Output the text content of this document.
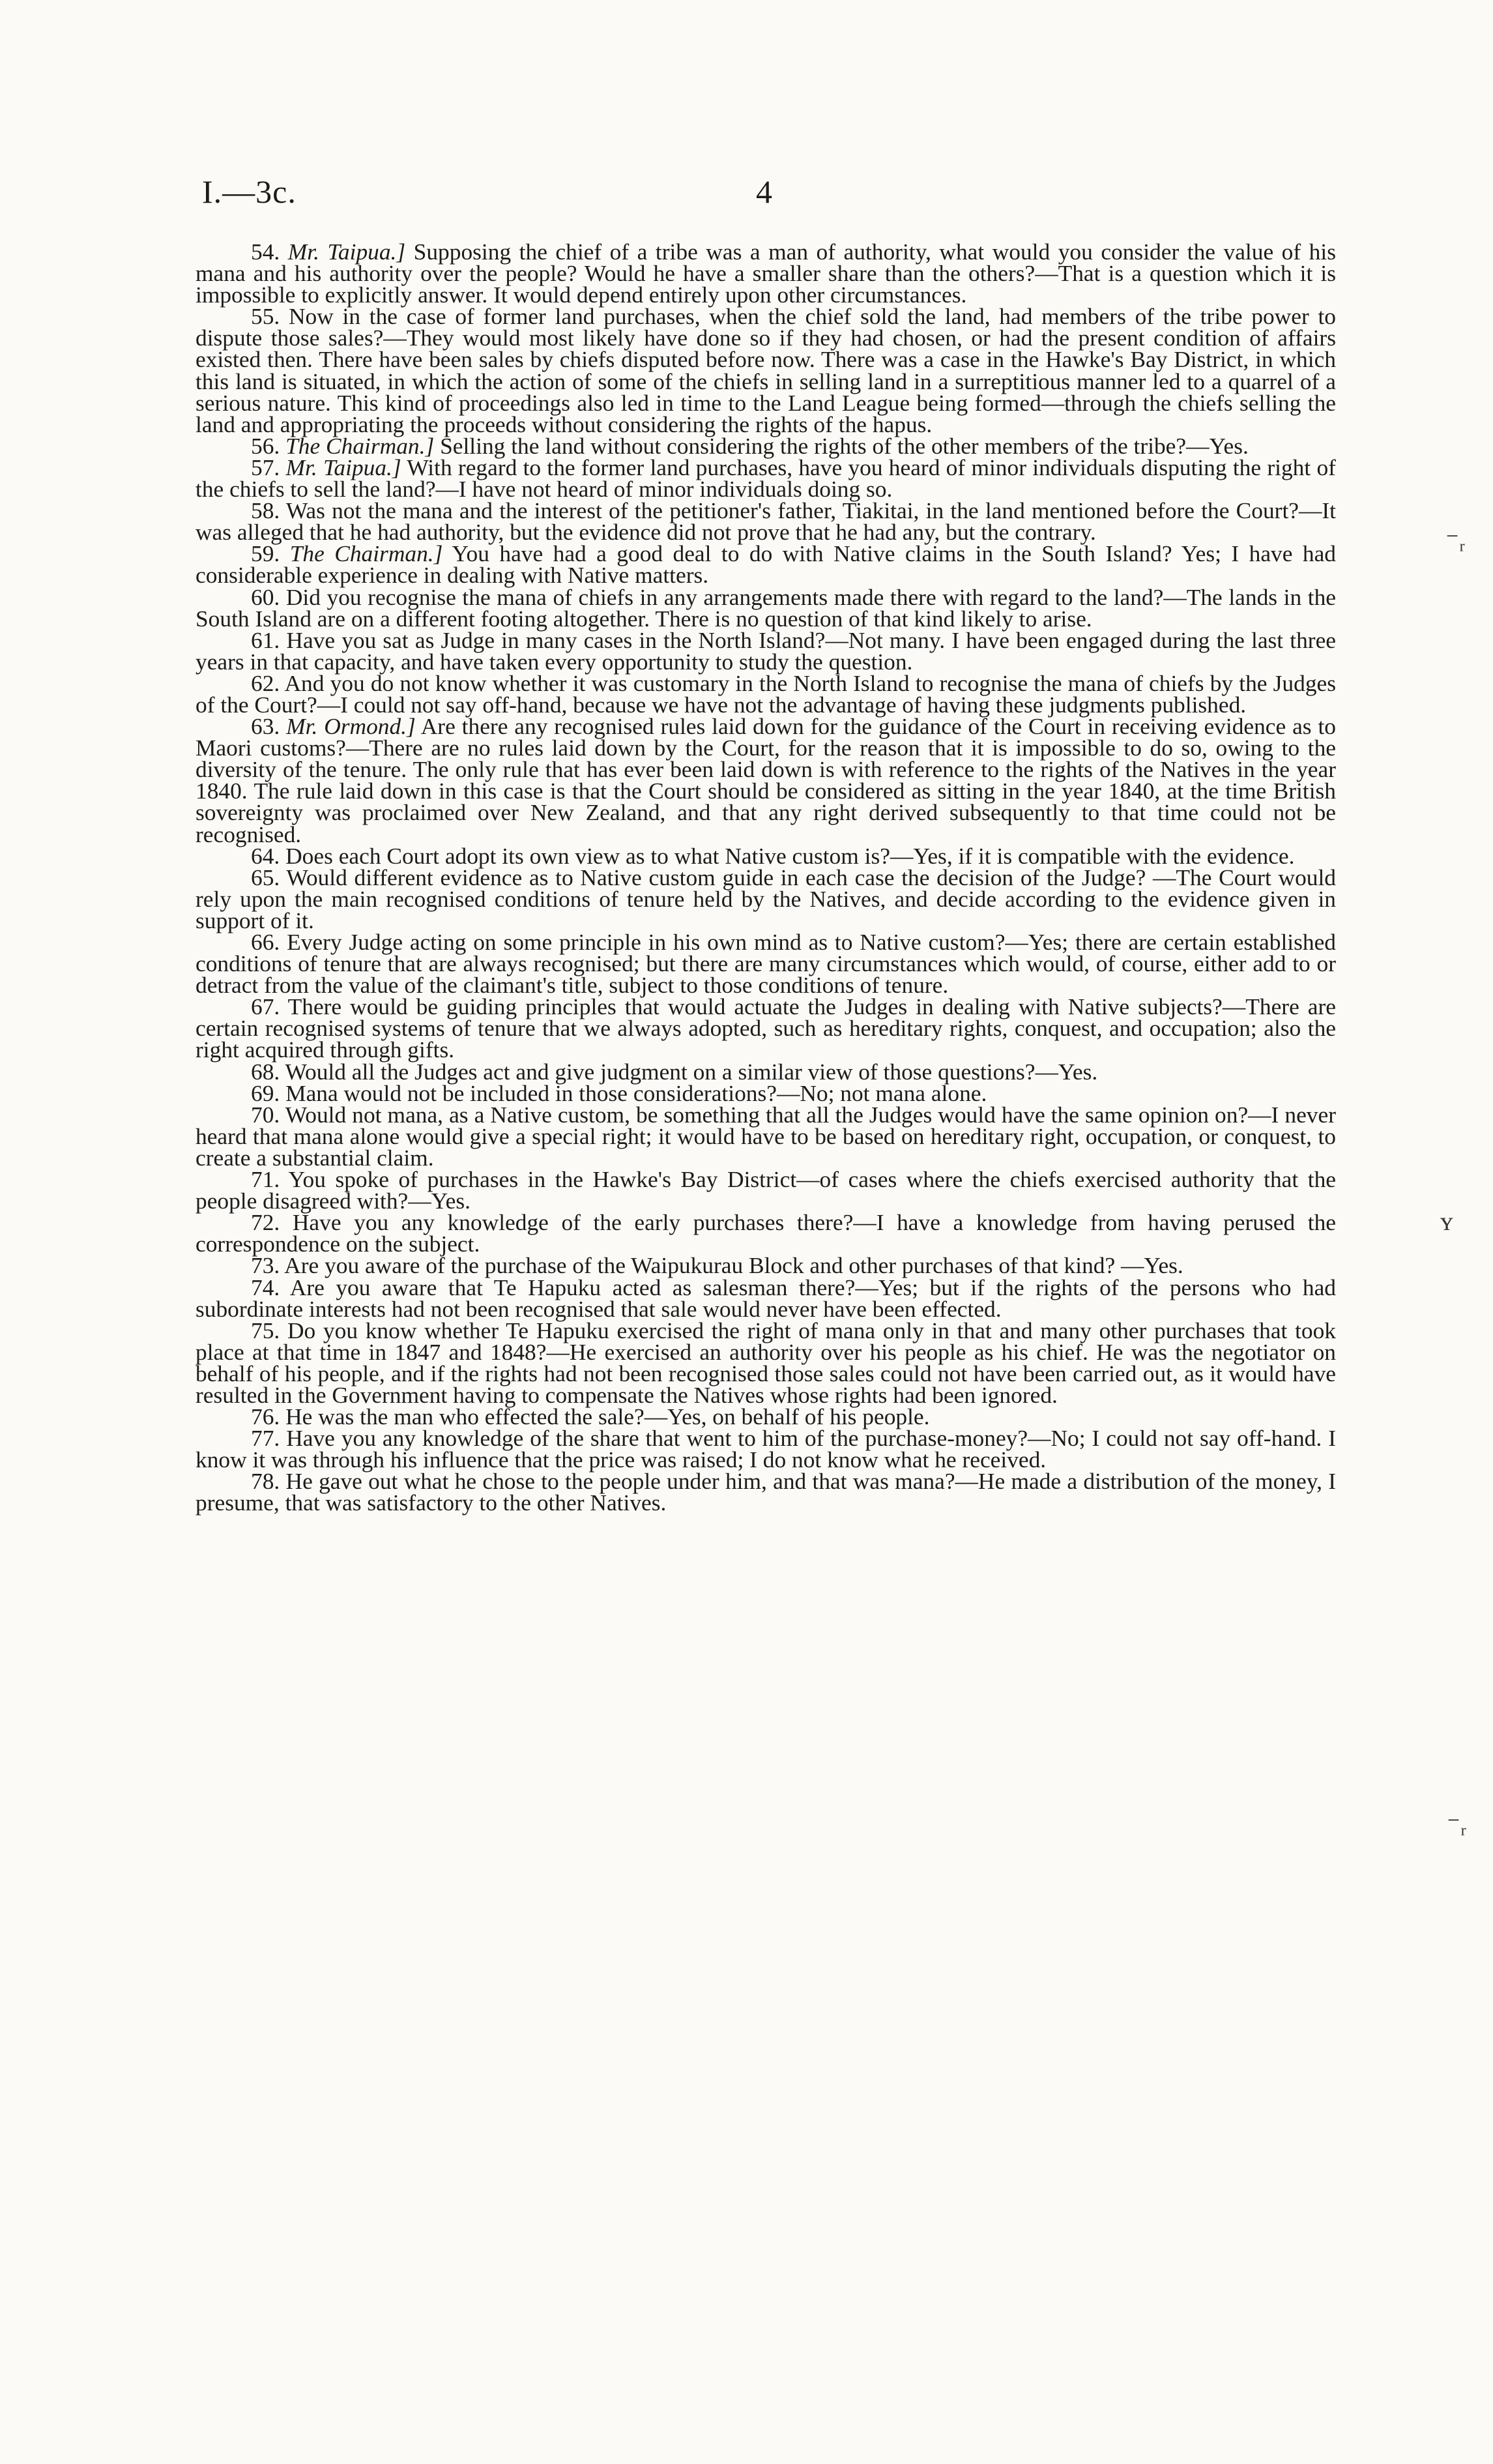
I.—3c.	4

54. Mr. Taipua.] Supposing the chief of a tribe was a man of authority, what would you consider the value of his mana and his authority over the people? Would he have a smaller share than the others?—That is a question which it is impossible to explicitly answer. It would depend entirely upon other circumstances.

55. Now in the case of former land purchases, when the chief sold the land, had members of the tribe power to dispute those sales?—They would most likely have done so if they had chosen, or had the present condition of affairs existed then. There have been sales by chiefs disputed before now. There was a case in the Hawke's Bay District, in which this land is situated, in which the action of some of the chiefs in selling land in a surreptitious manner led to a quarrel of a serious nature. This kind of proceedings also led in time to the Land League being formed—through the chiefs selling the land and appropriating the proceeds without considering the rights of the hapus.

56. The Chairman.] Selling the land without considering the rights of the other members of the tribe?—Yes.

57. Mr. Taipua.] With regard to the former land purchases, have you heard of minor individuals disputing the right of the chiefs to sell the land?—I have not heard of minor individuals doing so.

58. Was not the mana and the interest of the petitioner's father, Tiakitai, in the land mentioned before the Court?—It was alleged that he had authority, but the evidence did not prove that he had any, but the contrary.

59. The Chairman.] You have had a good deal to do with Native claims in the South Island? Yes; I have had considerable experience in dealing with Native matters.

60. Did you recognise the mana of chiefs in any arrangements made there with regard to the land?—The lands in the South Island are on a different footing altogether. There is no question of that kind likely to arise.

61. Have you sat as Judge in many cases in the North Island?—Not many. I have been engaged during the last three years in that capacity, and have taken every opportunity to study the question.

62. And you do not know whether it was customary in the North Island to recognise the mana of chiefs by the Judges of the Court?—I could not say off-hand, because we have not the advantage of having these judgments published.

63. Mr. Ormond.] Are there any recognised rules laid down for the guidance of the Court in receiving evidence as to Maori customs?—There are no rules laid down by the Court, for the reason that it is impossible to do so, owing to the diversity of the tenure. The only rule that has ever been laid down is with reference to the rights of the Natives in the year 1840. The rule laid down in this case is that the Court should be considered as sitting in the year 1840, at the time British sovereignty was proclaimed over New Zealand, and that any right derived subsequently to that time could not be recognised.

64. Does each Court adopt its own view as to what Native custom is?—Yes, if it is compatible with the evidence.

65. Would different evidence as to Native custom guide in each case the decision of the Judge? —The Court would rely upon the main recognised conditions of tenure held by the Natives, and decide according to the evidence given in support of it.

66. Every Judge acting on some principle in his own mind as to Native custom?—Yes; there are certain established conditions of tenure that are always recognised; but there are many circumstances which would, of course, either add to or detract from the value of the claimant's title, subject to those conditions of tenure.

67. There would be guiding principles that would actuate the Judges in dealing with Native subjects?—There are certain recognised systems of tenure that we always adopted, such as hereditary rights, conquest, and occupation; also the right acquired through gifts.

68. Would all the Judges act and give judgment on a similar view of those questions?—Yes.

69. Mana would not be included in those considerations?—No; not mana alone.

70. Would not mana, as a Native custom, be something that all the Judges would have the same opinion on?—I never heard that mana alone would give a special right; it would have to be based on hereditary right, occupation, or conquest, to create a substantial claim.

71. You spoke of purchases in the Hawke's Bay District—of cases where the chiefs exercised authority that the people disagreed with?—Yes.

72. Have you any knowledge of the early purchases there?—I have a knowledge from having perused the correspondence on the subject.

73. Are you aware of the purchase of the Waipukurau Block and other purchases of that kind? —Yes.

74. Are you aware that Te Hapuku acted as salesman there?—Yes; but if the rights of the persons who had subordinate interests had not been recognised that sale would never have been effected.

75. Do you know whether Te Hapuku exercised the right of mana only in that and many other purchases that took place at that time in 1847 and 1848?—He exercised an authority over his people as his chief. He was the negotiator on behalf of his people, and if the rights had not been recognised those sales could not have been carried out, as it would have resulted in the Government having to compensate the Natives whose rights had been ignored.

76. He was the man who effected the sale?—Yes, on behalf of his people.

77. Have you any knowledge of the share that went to him of the purchase-money?—No; I could not say off-hand. I know it was through his influence that the price was raised; I do not know what he received.

78. He gave out what he chose to the people under him, and that was mana?—He made a distribution of the money, I presume, that was satisfactory to the other Natives.

⁻ᵣ
ʏ
⁻ᵣ
